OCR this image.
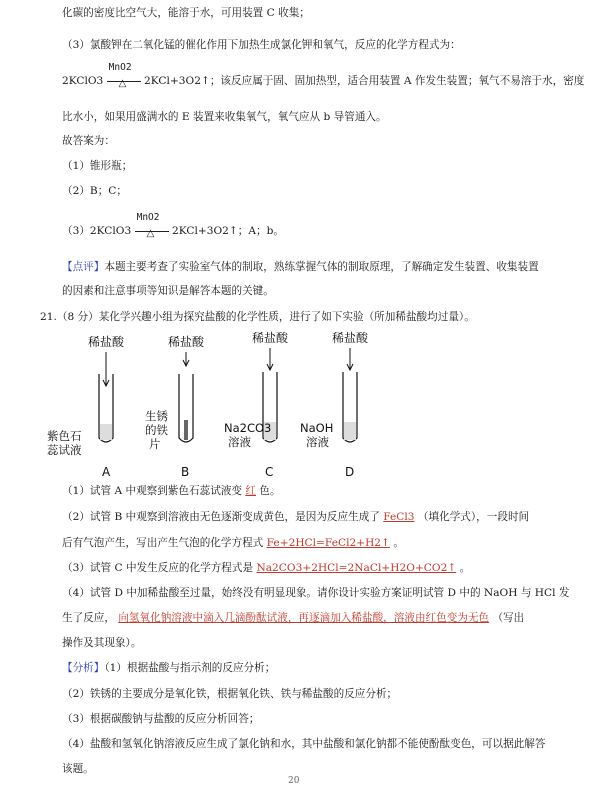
化碳的密度比空气大，能溶于水，可用装置 C 收集；
（3）氯酸钾在二氧化锰的催化作用下加热生成氯化钾和氧气，反应的化学方程式为：
2KClO3 $\frac{\text{MnO2}}{\triangle}$ 2KCl+3O2↑；该反应属于固、固加热型，适合用装置 A 作发生装置；氧气不易溶于水，密度
比水小，如果用盛满水的 E 装置来收集氧气，氧气应从 b 导管通入。
故答案为：
（1）锥形瓶；
（2）B；C；
（3）2KClO3 $\frac{\text{MnO2}}{\triangle}$ 2KCl+3O2↑；A；b。
【点评】本题主要考查了实验室气体的制取，熟练掌握气体的制取原理，了解确定发生装置、收集装置
的因素和注意事项等知识是解答本题的关键。
21.（8 分）某化学兴趣小组为探究盐酸的化学性质，进行了如下实验（所加稀盐酸均过量）。
稀盐酸
紫色石
蕊试液
A
稀盐酸
生锈
的铁
片
B
稀盐酸
Na2CO3
溶液
C
稀盐酸
NaOH
溶液
D
（1）试管 A 中观察到紫色石蕊试液变 红 色。
（2）试管 B 中观察到溶液由无色逐渐变成黄色，是因为反应生成了 FeCl3 （填化学式），一段时间
后有气泡产生，写出产生气泡的化学方程式 Fe+2HCl=FeCl2+H2↑ 。
（3）试管 C 中发生反应的化学方程式是 Na2CO3+2HCl=2NaCl+H2O+CO2↑ 。
（4）试管 D 中加稀盐酸至过量，始终没有明显现象。请你设计实验方案证明试管 D 中的 NaOH 与 HCl 发
生了反应， 向氢氧化钠溶液中滴入几滴酚酞试液，再逐滴加入稀盐酸，溶液由红色变为无色 （写出
操作及其现象）。
【分析】（1）根据盐酸与指示剂的反应分析；
（2）铁锈的主要成分是氧化铁，根据氧化铁、铁与稀盐酸的反应分析；
（3）根据碳酸钠与盐酸的反应分析回答；
（4）盐酸和氢氧化钠溶液反应生成了氯化钠和水，其中盐酸和氯化钠都不能使酚酞变色，可以据此解答
该题。
20
